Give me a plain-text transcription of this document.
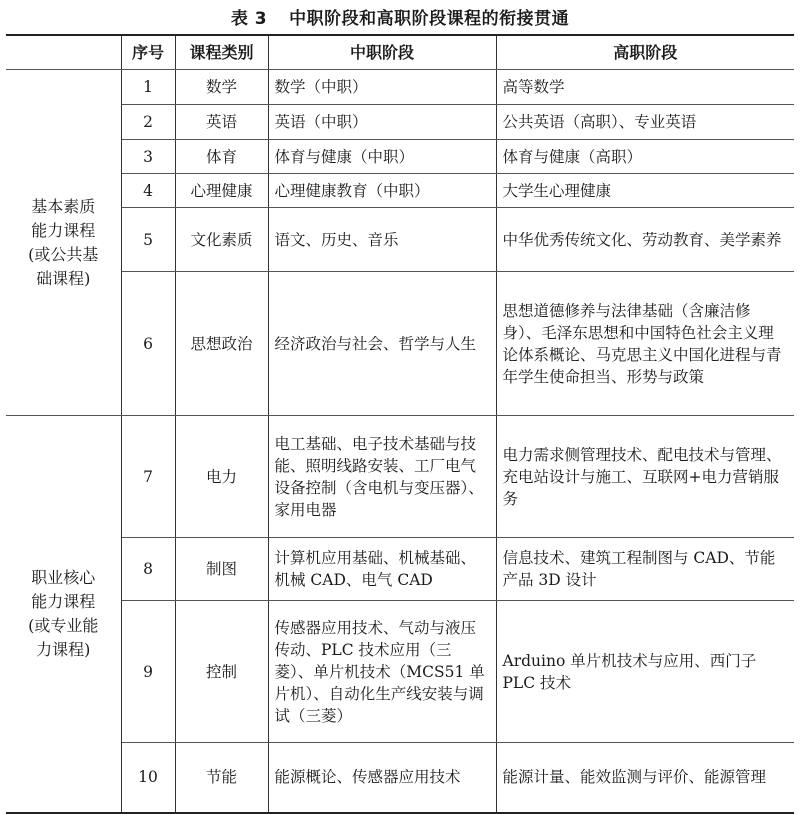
表 3 中职阶段和高职阶段课程的衔接贯通
	序号	课程类别	中职阶段	高职阶段
基本素质
能力课程
(或公共基
础课程)	1	数学	数学（中职）	高等数学
	2	英语	英语（中职）	公共英语（高职）、专业英语
	3	体育	体育与健康（中职）	体育与健康（高职）
	4	心理健康	心理健康教育（中职）	大学生心理健康
	5	文化素质	语文、历史、音乐	中华优秀传统文化、劳动教育、美学素养
	6	思想政治	经济政治与社会、哲学与人生	思想道德修养与法律基础（含廉洁修身）、毛泽东思想和中国特色社会主义理论体系概论、马克思主义中国化进程与青年学生使命担当、形势与政策
职业核心
能力课程
(或专业能
力课程)	7	电力	电工基础、电子技术基础与技能、照明线路安装、工厂电气设备控制（含电机与变压器）、家用电器	电力需求侧管理技术、配电技术与管理、充电站设计与施工、互联网+电力营销服务
	8	制图	计算机应用基础、机械基础、机械 CAD、电气 CAD	信息技术、建筑工程制图与 CAD、节能产品 3D 设计
	9	控制	传感器应用技术、气动与液压传动、PLC 技术应用（三菱）、单片机技术（MCS51 单片机）、自动化生产线安装与调试（三菱）	Arduino 单片机技术与应用、西门子 PLC 技术
	10	节能	能源概论、传感器应用技术	能源计量、能效监测与评价、能源管理
